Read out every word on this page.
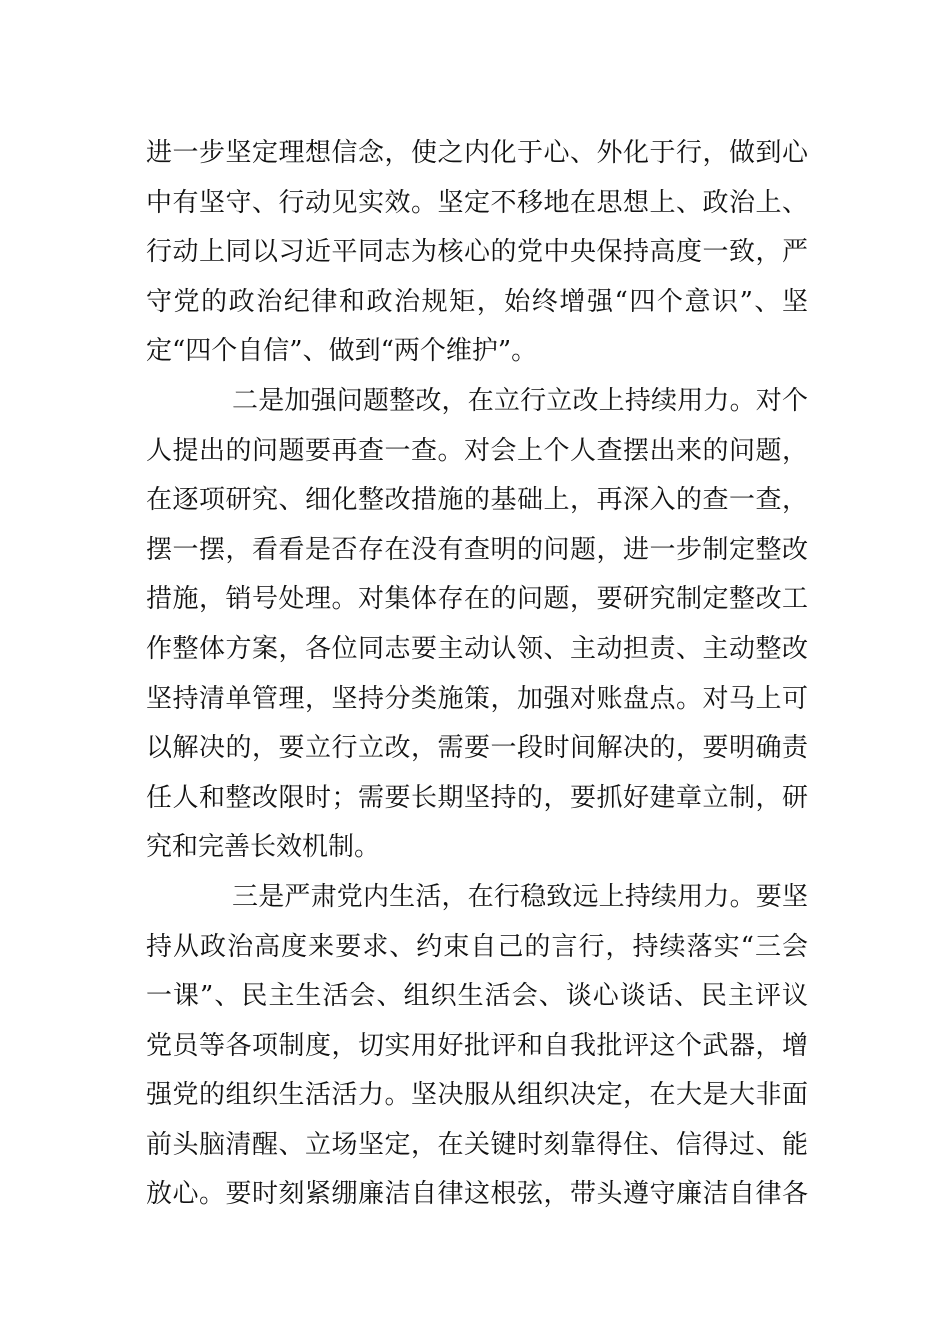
进一步坚定理想信念，使之内化于心、外化于行，做到心
中有坚守、行动见实效。坚定不移地在思想上、政治上、
行动上同以习近平同志为核心的党中央保持高度一致，严
守党的政治纪律和政治规矩，始终增强“四个意识”、坚
定“四个自信”、做到“两个维护”。
二是加强问题整改，在立行立改上持续用力。对个
人提出的问题要再查一查。对会上个人查摆出来的问题，
在逐项研究、细化整改措施的基础上，再深入的查一查，
摆一摆，看看是否存在没有查明的问题，进一步制定整改
措施，销号处理。对集体存在的问题，要研究制定整改工
作整体方案，各位同志要主动认领、主动担责、主动整改
坚持清单管理，坚持分类施策，加强对账盘点。对马上可
以解决的，要立行立改，需要一段时间解决的，要明确责
任人和整改限时；需要长期坚持的，要抓好建章立制，研
究和完善长效机制。
三是严肃党内生活，在行稳致远上持续用力。要坚
持从政治高度来要求、约束自己的言行，持续落实“三会
一课”、民主生活会、组织生活会、谈心谈话、民主评议
党员等各项制度，切实用好批评和自我批评这个武器，增
强党的组织生活活力。坚决服从组织决定，在大是大非面
前头脑清醒、立场坚定，在关键时刻靠得住、信得过、能
放心。要时刻紧绷廉洁自律这根弦，带头遵守廉洁自律各
